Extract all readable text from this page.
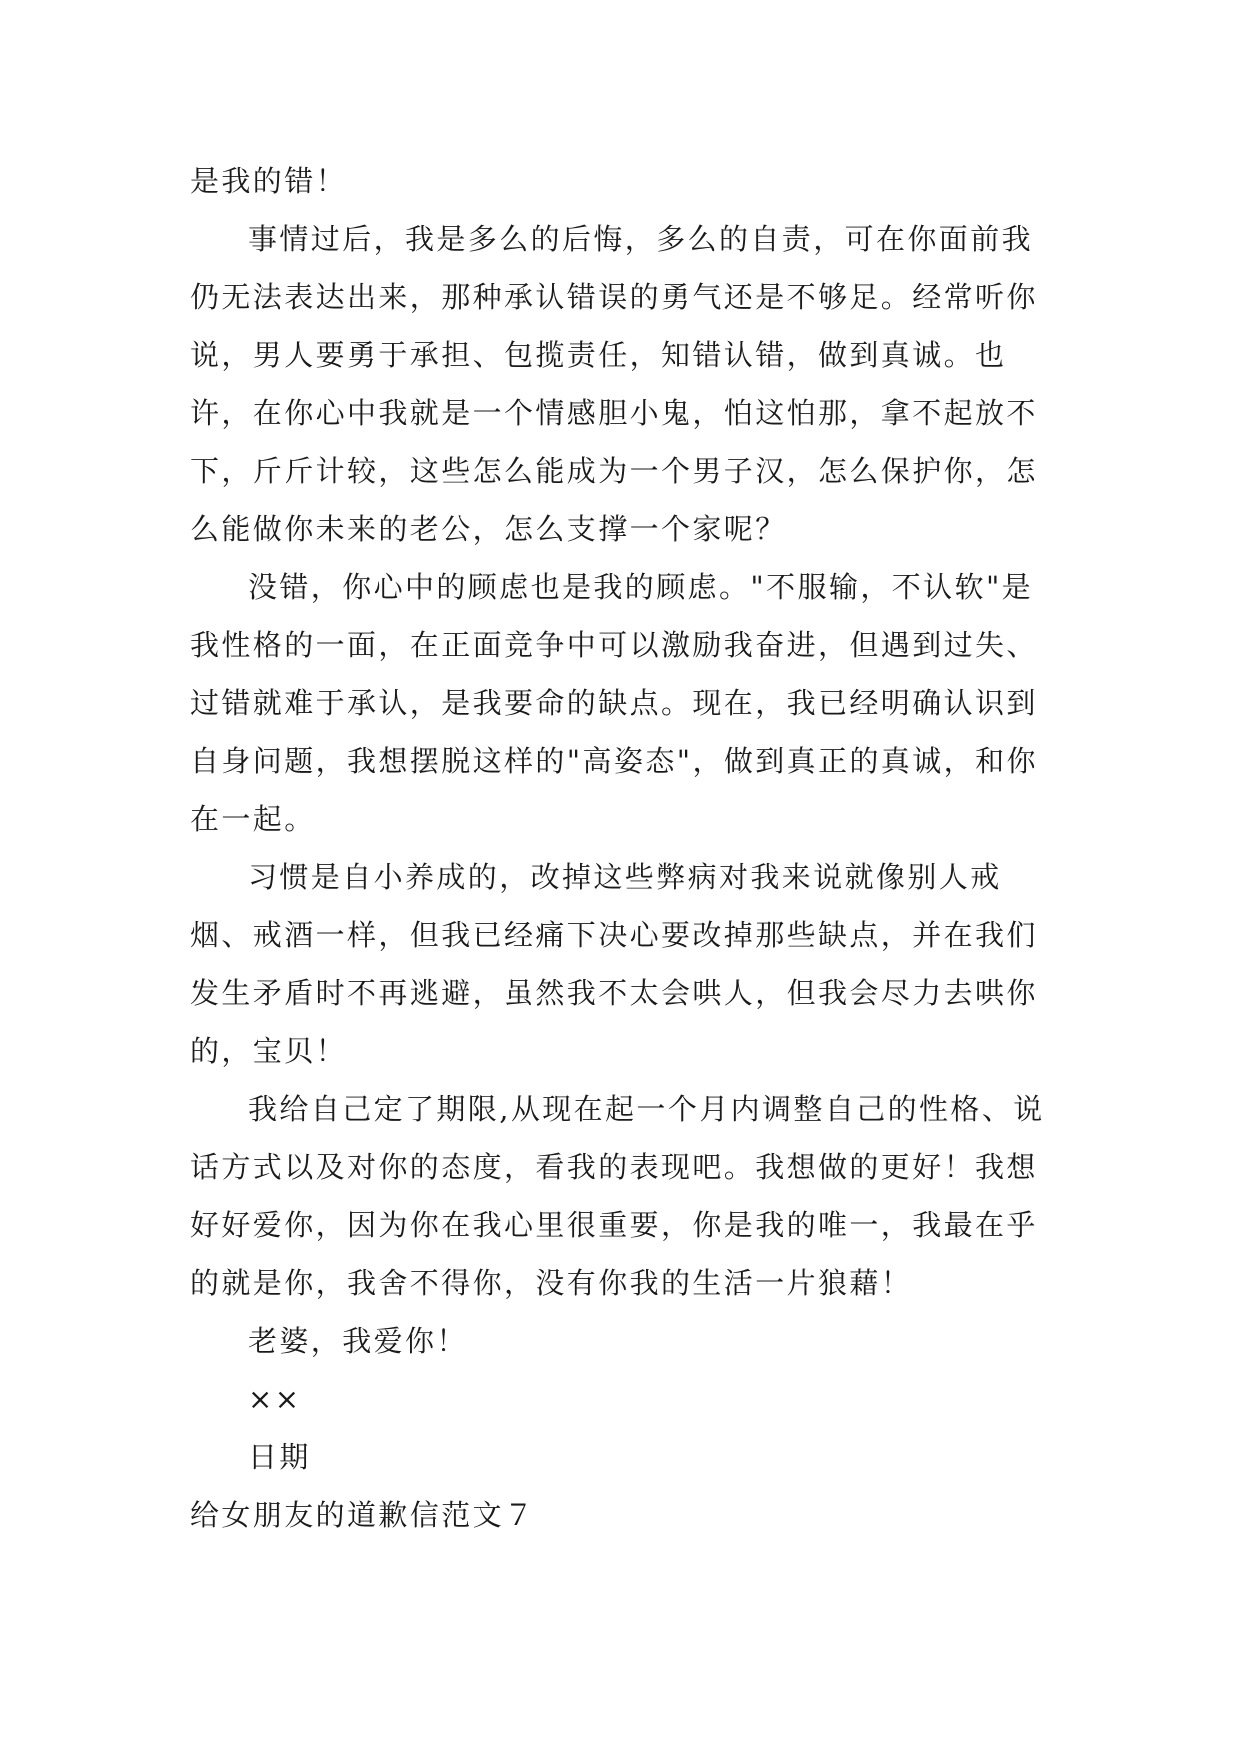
是我的错！

事情过后，我是多么的后悔，多么的自责，可在你面前我仍无法表达出来，那种承认错误的勇气还是不够足。经常听你说，男人要勇于承担、包揽责任，知错认错，做到真诚。也许，在你心中我就是一个情感胆小鬼，怕这怕那，拿不起放不下，斤斤计较，这些怎么能成为一个男子汉，怎么保护你，怎么能做你未来的老公，怎么支撑一个家呢？

没错，你心中的顾虑也是我的顾虑。"不服输，不认软"是我性格的一面，在正面竞争中可以激励我奋进，但遇到过失、过错就难于承认，是我要命的缺点。现在，我已经明确认识到自身问题，我想摆脱这样的"高姿态"，做到真正的真诚，和你在一起。

习惯是自小养成的，改掉这些弊病对我来说就像别人戒烟、戒酒一样，但我已经痛下决心要改掉那些缺点，并在我们发生矛盾时不再逃避，虽然我不太会哄人，但我会尽力去哄你的，宝贝！

我给自己定了期限,从现在起一个月内调整自己的性格、说话方式以及对你的态度，看我的表现吧。我想做的更好！我想好好爱你，因为你在我心里很重要，你是我的唯一，我最在乎的就是你，我舍不得你，没有你我的生活一片狼藉！

老婆，我爱你！

××

日期

给女朋友的道歉信范文７
